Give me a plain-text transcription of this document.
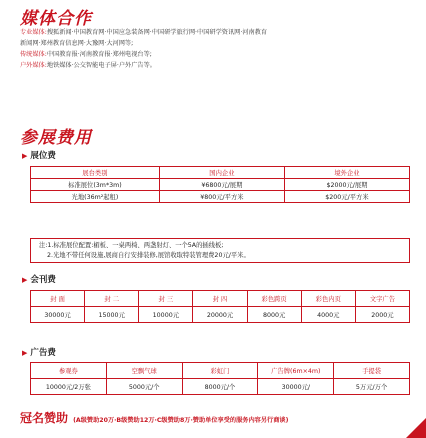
媒体合作
专业媒体:搜狐新闻·中国教育网·中国应急装备网·中国研学旅行网·中国研学资讯网·河南教育
新闻网·郑州教育信息网·大豫网·大河网等;
传统媒体:中国教育报·河南教育报·郑州电视台等;
户外媒体:地铁媒体·公交智能电子屏·户外广告等。
参展费用
▶ 展位费
展台类别	国内企业	境外企业
标准展位(3m*3m)	¥6800元/展期	$2000元/展期
光地(36m²起租)	¥800元/平方米	$200元/平方米
注:1.标准展位配置:楣板、一桌两椅、两盏射灯、一个5A的插线板;
2.光地不带任何设施,展商自行安排装修,展馆收取特装管理费20元/平米。
▶ 会刊费
封 面	封 二	封 三	封 四	彩色跨页	彩色内页	文字广告
30000元	15000元	10000元	20000元	8000元	4000元	2000元
▶ 广告费
参观券	空飘气球	彩虹门	广告牌(6m×4m)	手提袋
10000元/2万张	5000元/个	8000元/个	30000元/	5万元/万个
冠名赞助 (A级赞助20万·B级赞助12万·C级赞助8万·赞助单位享受的服务内容另行商谈)
